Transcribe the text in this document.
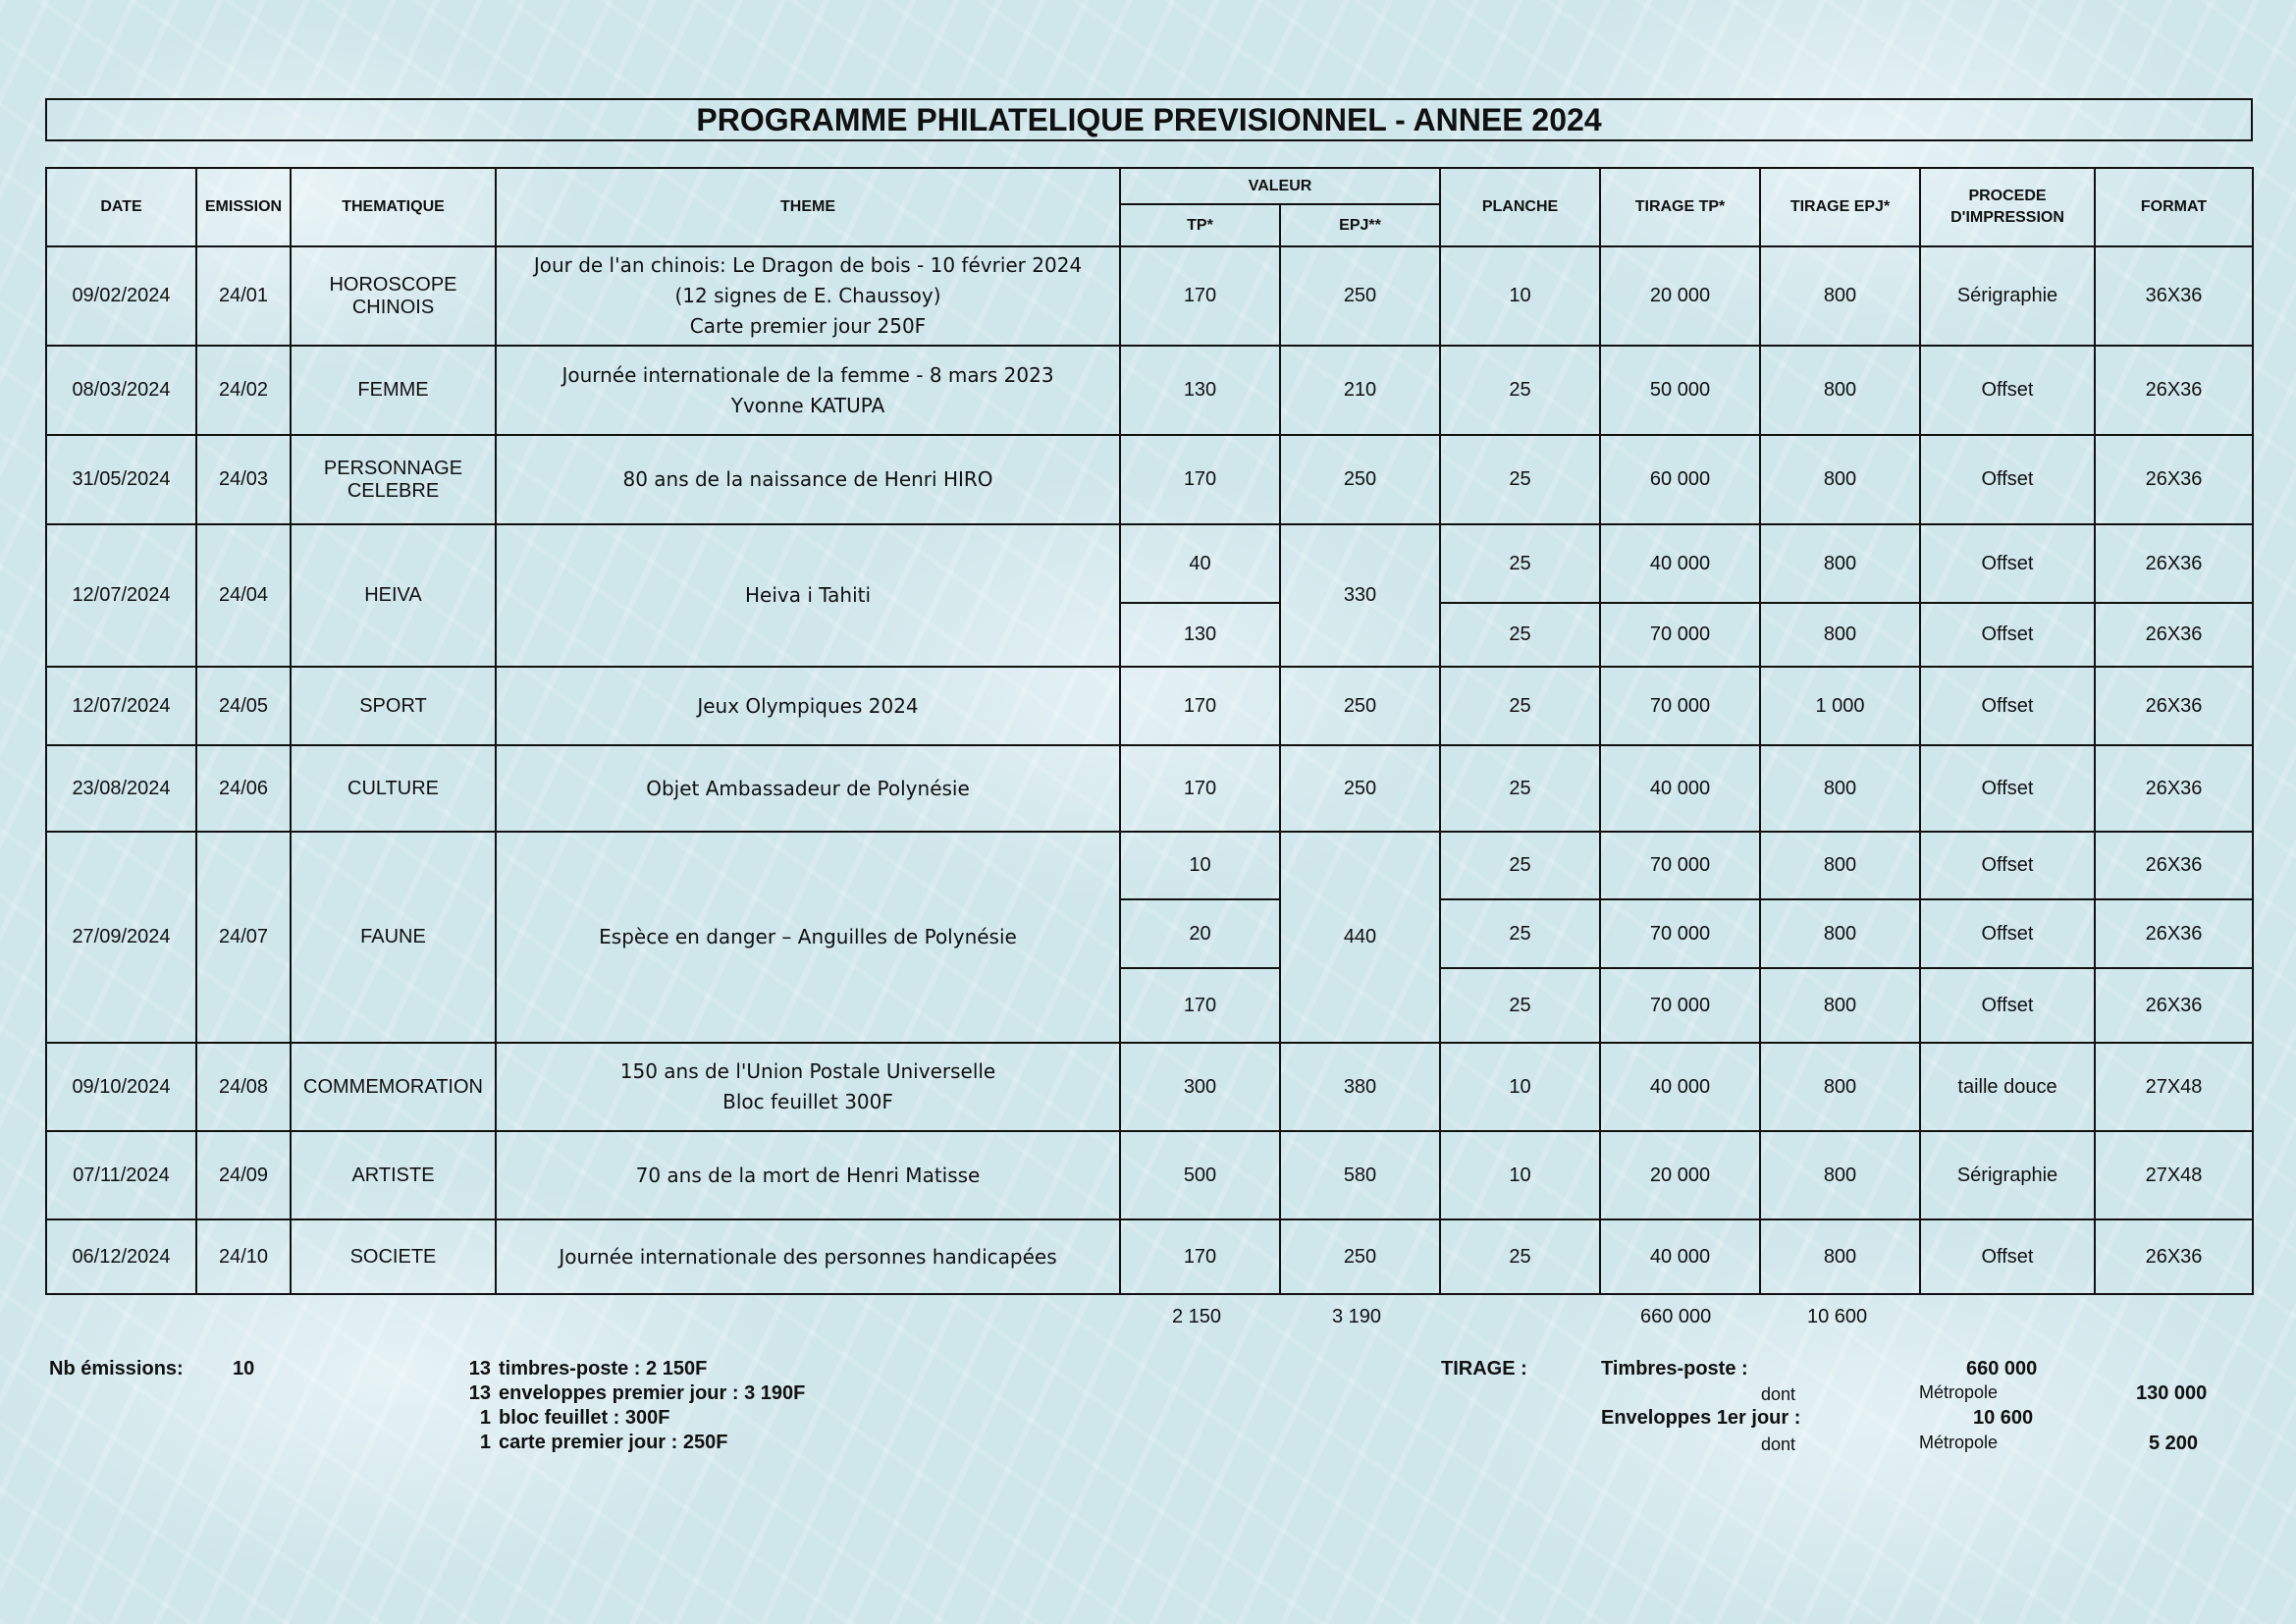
PROGRAMME PHILATELIQUE PREVISIONNEL - ANNEE 2024
DATE	EMISSION	THEMATIQUE	THEME	VALEUR		PLANCHE	TIRAGE TP*	TIRAGE EPJ*	PROCEDE D'IMPRESSION	FORMAT
				TP*	EPJ**					
09/02/2024	24/01	HOROSCOPE CHINOIS	Jour de l'an chinois: Le Dragon de bois - 10 février 2024
(12 signes de E. Chaussoy)
Carte premier jour 250F	170	250	10	20 000	800	Sérigraphie	36X36
08/03/2024	24/02	FEMME	Journée internationale de la femme - 8 mars 2023
Yvonne KATUPA	130	210	25	50 000	800	Offset	26X36
31/05/2024	24/03	PERSONNAGE CELEBRE	80 ans de la naissance de Henri HIRO	170	250	25	60 000	800	Offset	26X36
12/07/2024	24/04	HEIVA	Heiva i Tahiti	40	330	25	40 000	800	Offset	26X36
				130		25	70 000	800	Offset	26X36
12/07/2024	24/05	SPORT	Jeux Olympiques 2024	170	250	25	70 000	1 000	Offset	26X36
23/08/2024	24/06	CULTURE	Objet Ambassadeur de Polynésie	170	250	25	40 000	800	Offset	26X36
27/09/2024	24/07	FAUNE	Espèce en danger – Anguilles de Polynésie	10	440	25	70 000	800	Offset	26X36
				20		25	70 000	800	Offset	26X36
				170		25	70 000	800	Offset	26X36
09/10/2024	24/08	COMMEMORATION	150 ans de l'Union Postale Universelle
Bloc feuillet 300F	300	380	10	40 000	800	taille douce	27X48
07/11/2024	24/09	ARTISTE	70 ans de la mort de Henri Matisse	500	580	10	20 000	800	Sérigraphie	27X48
06/12/2024	24/10	SOCIETE	Journée internationale des personnes handicapées	170	250	25	40 000	800	Offset	26X36
2 150	3 190	660 000	10 600
Nb émissions:	10	13 timbres-poste : 2 150F
13 enveloppes premier jour : 3 190F
1 bloc feuillet : 300F
1 carte premier jour : 250F
TIRAGE :	Timbres-poste :	660 000
dont	Métropole	130 000
Enveloppes 1er jour :	10 600
dont	Métropole	5 200
